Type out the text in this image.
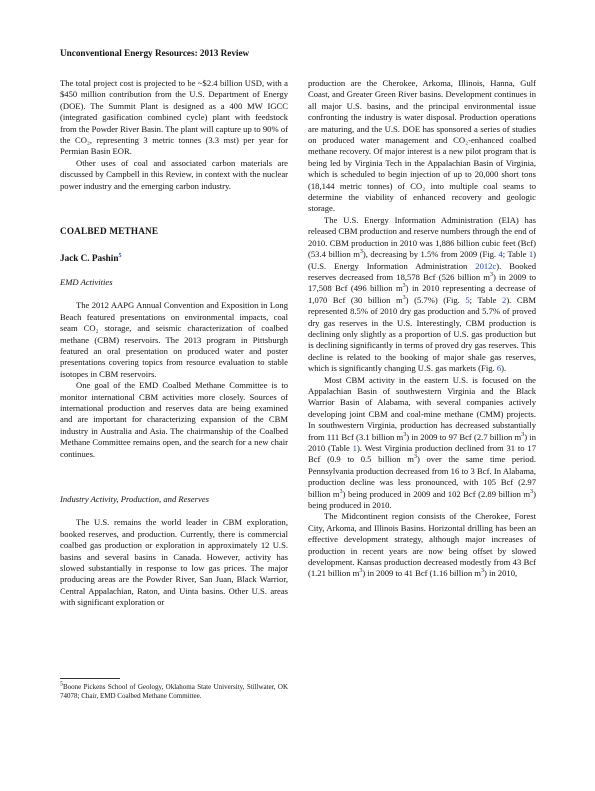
Unconventional Energy Resources: 2013 Review

The total project cost is projected to be ~$2.4 billion USD, with a $450 million contribution from the U.S. Department of Energy (DOE). The Summit Plant is designed as a 400 MW IGCC (integrated gasification combined cycle) plant with feedstock from the Powder River Basin. The plant will capture up to 90% of the CO₂, representing 3 metric tonnes (3.3 mst) per year for Permian Basin EOR.

Other uses of coal and associated carbon materials are discussed by Campbell in this Review, in context with the nuclear power industry and the emerging carbon industry.

COALBED METHANE
Jack C. Pashin$^5$
EMD Activities

The 2012 AAPG Annual Convention and Exposition in Long Beach featured presentations on environmental impacts, coal seam CO₂ storage, and seismic characterization of coalbed methane (CBM) reservoirs. The 2013 program in Pittsburgh featured an oral presentation on produced water and poster presentations covering topics from resource evaluation to stable isotopes in CBM reservoirs.

One goal of the EMD Coalbed Methane Committee is to monitor international CBM activities more closely. Sources of international production and reserves data are being examined and are important for characterizing expansion of the CBM industry in Australia and Asia. The chairmanship of the Coalbed Methane Committee remains open, and the search for a new chair continues.

Industry Activity, Production, and Reserves

The U.S. remains the world leader in CBM exploration, booked reserves, and production. Currently, there is commercial coalbed gas production or exploration in approximately 12 U.S. basins and several basins in Canada. However, activity has slowed substantially in response to low gas prices. The major producing areas are the Powder River, San Juan, Black Warrior, Central Appalachian, Raton, and Uinta basins. Other U.S. areas with significant exploration or

production are the Cherokee, Arkoma, Illinois, Hanna, Gulf Coast, and Greater Green River basins. Development continues in all major U.S. basins, and the principal environmental issue confronting the industry is water disposal. Production operations are maturing, and the U.S. DOE has sponsored a series of studies on produced water management and CO₂-enhanced coalbed methane recovery. Of major interest is a new pilot program that is being led by Virginia Tech in the Appalachian Basin of Virginia, which is scheduled to begin injection of up to 20,000 short tons (18,144 metric tonnes) of CO₂ into multiple coal seams to determine the viability of enhanced recovery and geologic storage.

The U.S. Energy Information Administration (EIA) has released CBM production and reserve numbers through the end of 2010. CBM production in 2010 was 1,886 billion cubic feet (Bcf) (53.4 billion $m^3$), decreasing by 1.5% from 2009 (Fig. 4; Table 1) (U.S. Energy Information Administration 2012c). Booked reserves decreased from 18,578 Bcf (526 billion $m^3$) in 2009 to 17,508 Bcf (496 billion $m^3$) in 2010 representing a decrease of 1,070 Bcf (30 billion $m^3$) (5.7%) (Fig. 5; Table 2). CBM represented 8.5% of 2010 dry gas production and 5.7% of proved dry gas reserves in the U.S. Interestingly, CBM production is declining only slightly as a proportion of U.S. gas production but is declining significantly in terms of proved dry gas reserves. This decline is related to the booking of major shale gas reserves, which is significantly changing U.S. gas markets (Fig. 6).

Most CBM activity in the eastern U.S. is focused on the Appalachian Basin of southwestern Virginia and the Black Warrior Basin of Alabama, with several companies actively developing joint CBM and coal-mine methane (CMM) projects. In southwestern Virginia, production has decreased substantially from 111 Bcf (3.1 billion $m^3$) in 2009 to 97 Bcf (2.7 billion $m^3$) in 2010 (Table 1). West Virginia production declined from 31 to 17 Bcf (0.9 to 0.5 billion $m^3$) over the same time period. Pennsylvania production decreased from 16 to 3 Bcf. In Alabama, production decline was less pronounced, with 105 Bcf (2.97 billion $m^3$) being produced in 2009 and 102 Bcf (2.89 billion $m^3$) being produced in 2010.

The Midcontinent region consists of the Cherokee, Forest City, Arkoma, and Illinois Basins. Horizontal drilling has been an effective development strategy, although major increases of production in recent years are now being offset by slowed development. Kansas production decreased modestly from 43 Bcf (1.21 billion $m^3$) in 2009 to 41 Bcf (1.16 billion $m^3$) in 2010,

$^5$Boone Pickens School of Geology, Oklahoma State University, Stillwater, OK 74078; Chair, EMD Coalbed Methane Committee.
